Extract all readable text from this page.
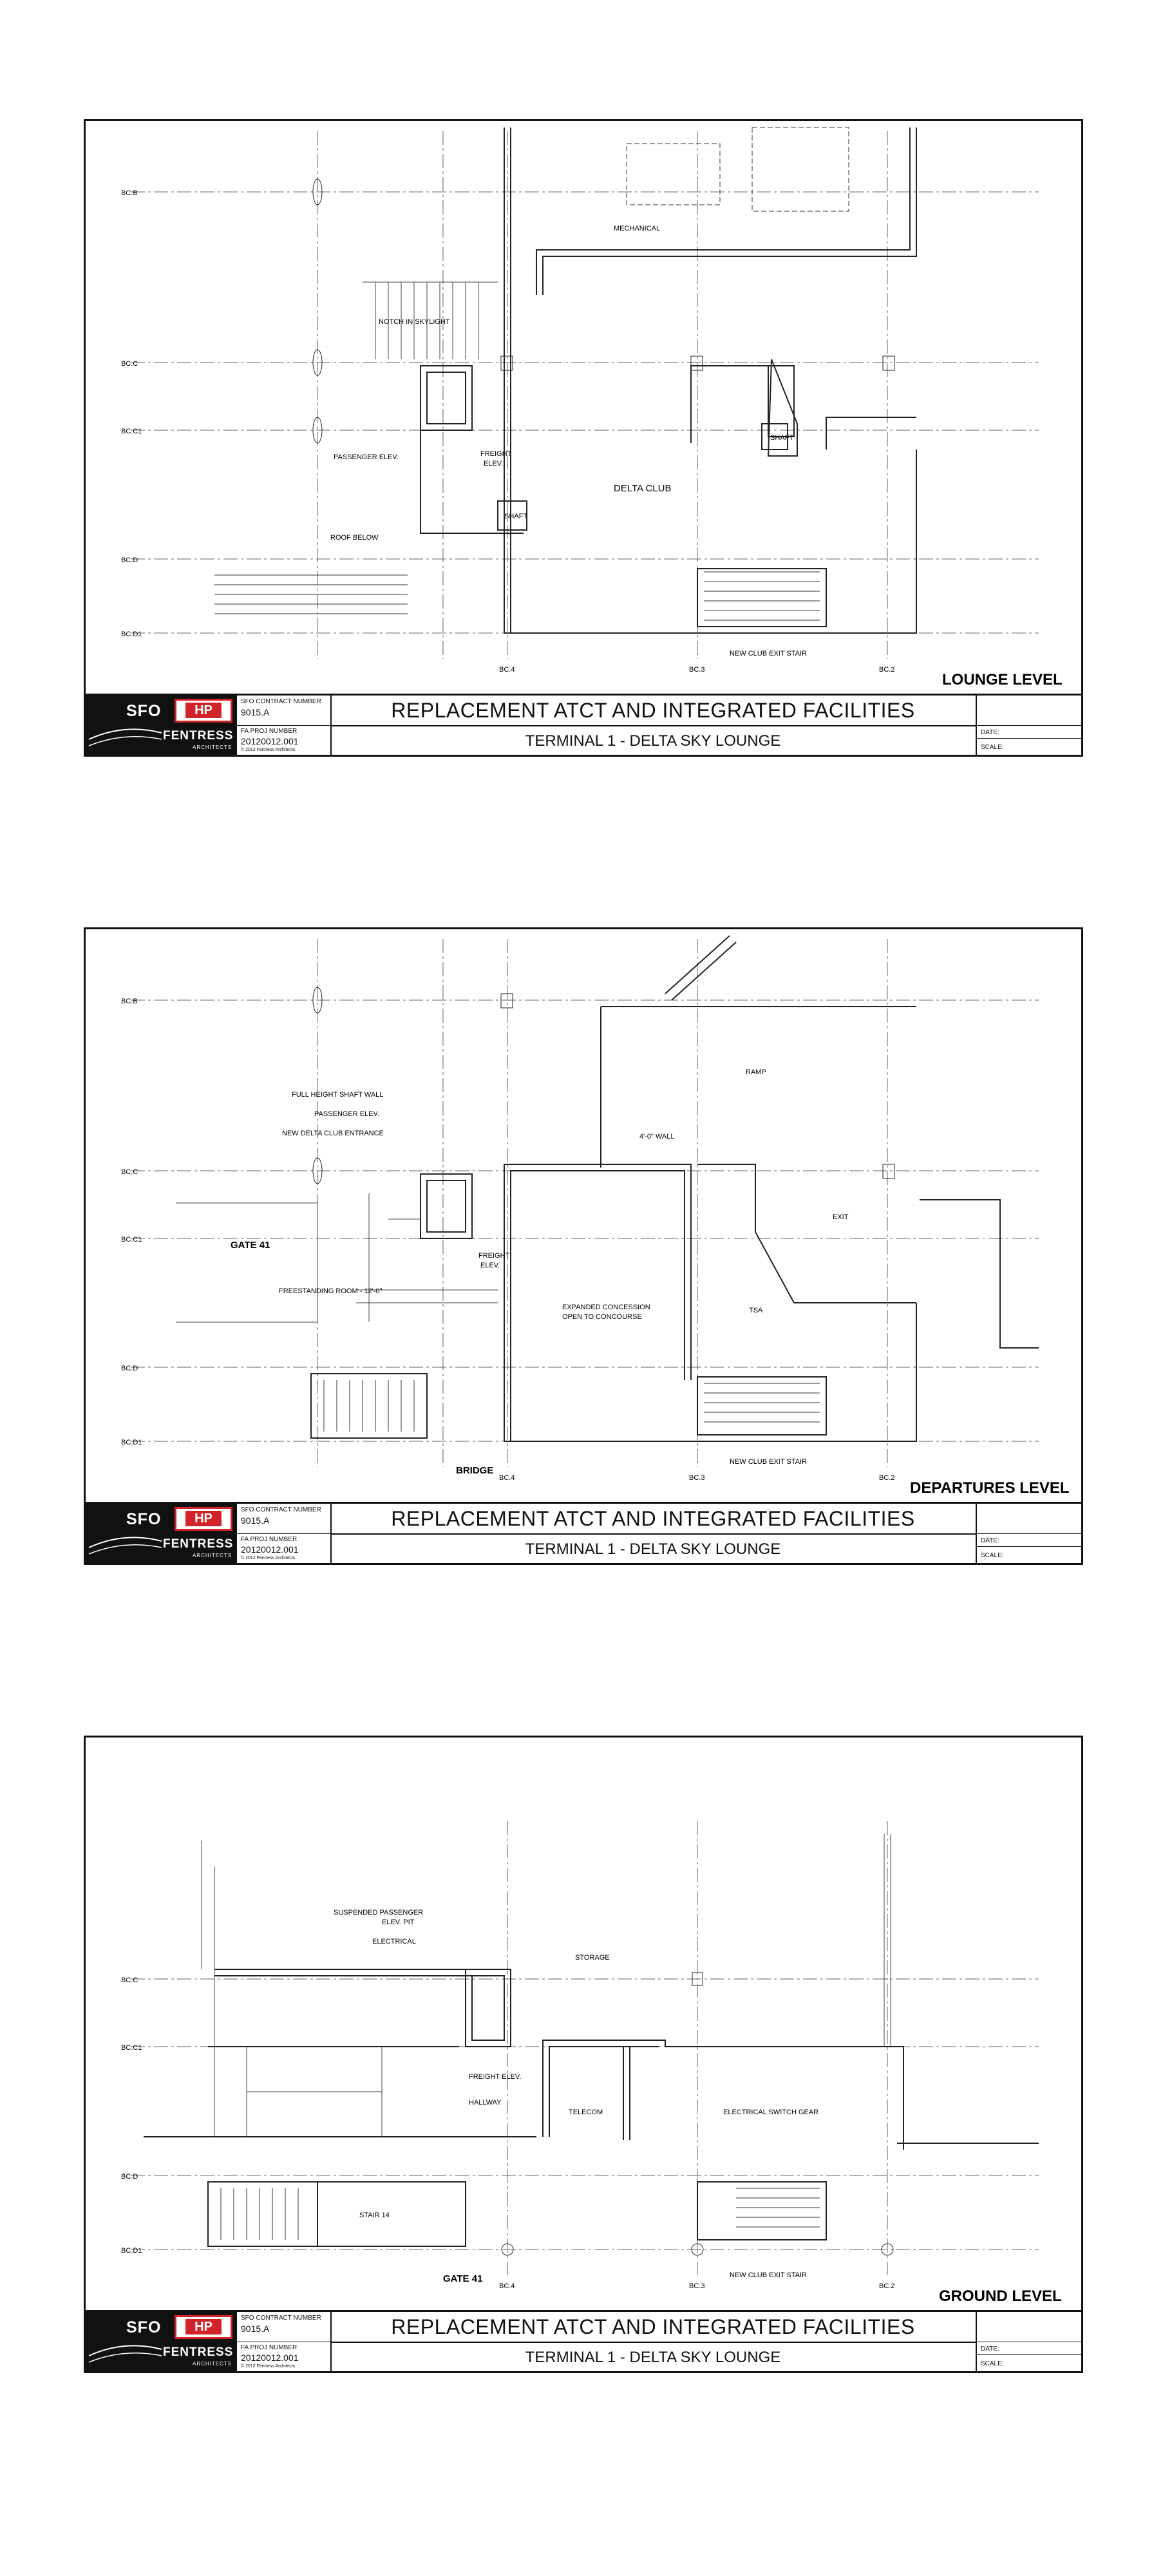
BC.B
BC.C
BC.C1
BC.D
BC.D1
BC.4	BC.3	BC.2
MECHANICAL
NOTCH IN SKYLIGHT
PASSENGER ELEV.	FREIGHT
ELEV.
DELTA CLUB
SHAFT
SHAFT
ROOF BELOW
NEW CLUB EXIT STAIR
LOUNGE LEVEL
SFO	HP
FENTRESS
ARCHITECTS
SFO CONTRACT NUMBER
9015.A
FA PROJ NUMBER
20120012.001
© 2012 Fentress Architects
REPLACEMENT ATCT AND INTEGRATED FACILITIES
TERMINAL 1 - DELTA SKY LOUNGE	DATE:
SCALE:
BC.B
BC.C
BC.C1
BC.D
BC.D1
BC.4	BC.3	BC.2
RAMP
4'-0" WALL
FULL HEIGHT SHAFT WALL
PASSENGER ELEV.
NEW DELTA CLUB ENTRANCE
GATE 41
FREIGHT
ELEV.
EXIT
FREESTANDING ROOM - 12'-0"
EXPANDED CONCESSION
OPEN TO CONCOURSE
TSA
BRIDGE
NEW CLUB EXIT STAIR
DEPARTURES LEVEL
SFO	HP
FENTRESS
ARCHITECTS
SFO CONTRACT NUMBER
9015.A
FA PROJ NUMBER
20120012.001
© 2012 Fentress Architects
REPLACEMENT ATCT AND INTEGRATED FACILITIES
TERMINAL 1 - DELTA SKY LOUNGE	DATE:
SCALE:
BC.C
BC.C1
BC.D
BC.D1
BC.4	BC.3	BC.2
SUSPENDED PASSENGER
ELEV. PIT
ELECTRICAL
STORAGE
FREIGHT ELEV.
HALLWAY
TELECOM	ELECTRICAL SWITCH GEAR
STAIR 14
GATE 41	NEW CLUB EXIT STAIR
GROUND LEVEL
SFO	HP
FENTRESS
ARCHITECTS
SFO CONTRACT NUMBER
9015.A
FA PROJ NUMBER
20120012.001
© 2012 Fentress Architects
REPLACEMENT ATCT AND INTEGRATED FACILITIES
TERMINAL 1 - DELTA SKY LOUNGE	DATE:
SCALE:
